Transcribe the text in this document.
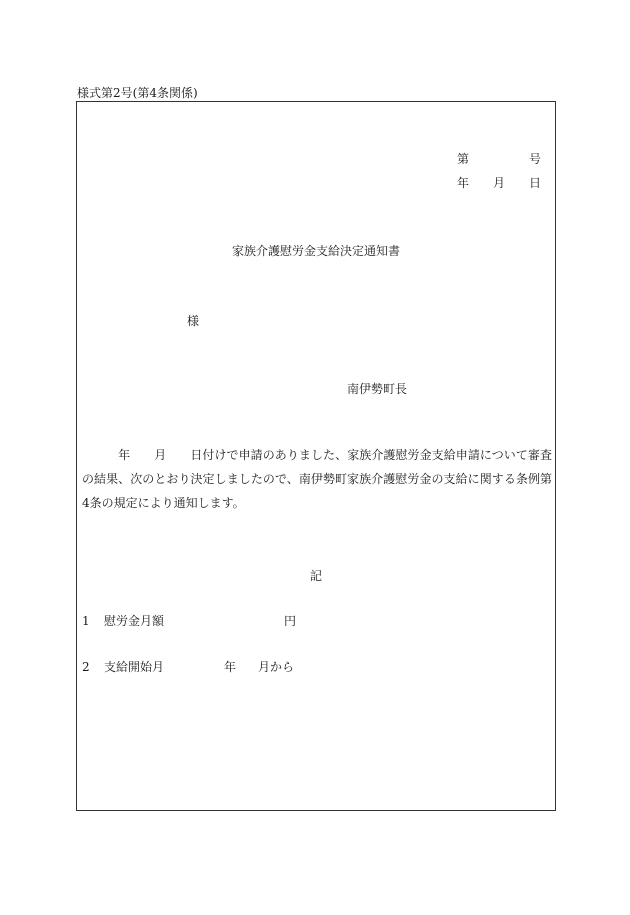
様式第2号(第4条関係)
第	号
年 月 日
家族介護慰労金支給決定通知書
様
南伊勢町長
年 月 日付けで申請のありました、家族介護慰労金支給申請について審査の結果、次のとおり決定しましたので、南伊勢町家族介護慰労金の支給に関する条例第4条の規定により通知します。
記
1 慰労金月額	円
2 支給開始月	年 月から
